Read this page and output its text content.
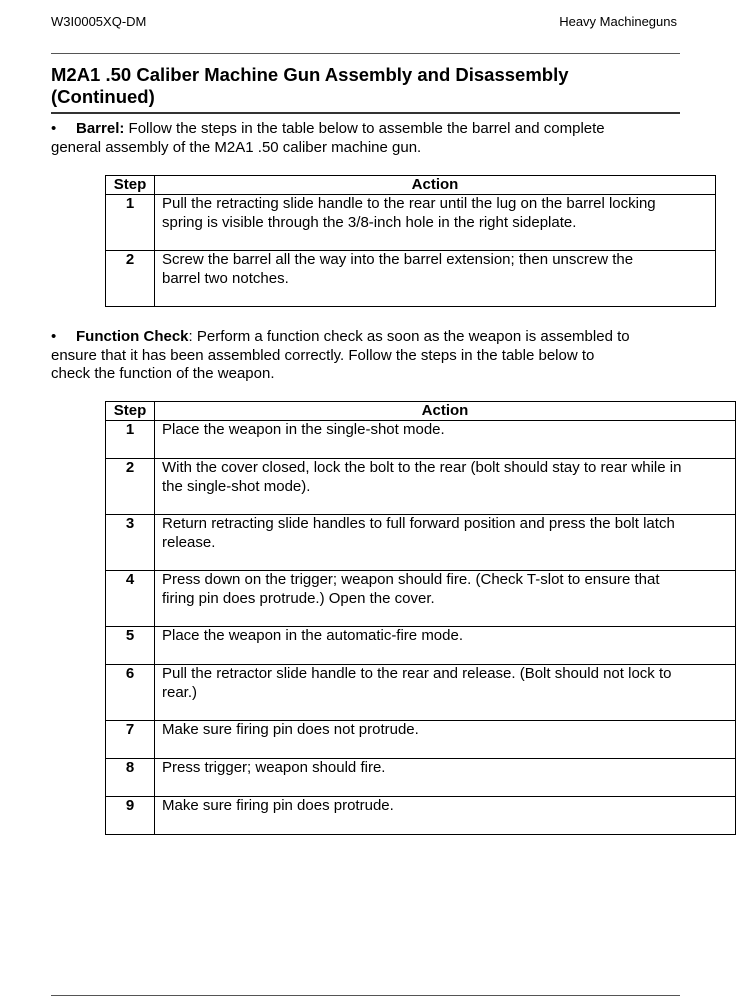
W3I0005XQ-DM	Heavy Machineguns
M2A1 .50 Caliber Machine Gun Assembly and Disassembly
(Continued)
• Barrel: Follow the steps in the table below to assemble the barrel and complete
general assembly of the M2A1 .50 caliber machine gun.
Step	Action
1	Pull the retracting slide handle to the rear until the lug on the barrel locking
spring is visible through the 3/8-inch hole in the right sideplate.

2	Screw the barrel all the way into the barrel extension; then unscrew the
barrel two notches.
• Function Check: Perform a function check as soon as the weapon is assembled to
ensure that it has been assembled correctly. Follow the steps in the table below to
check the function of the weapon.
Step	Action
1	Place the weapon in the single-shot mode.

2	With the cover closed, lock the bolt to the rear (bolt should stay to rear while in
the single-shot mode).

3	Return retracting slide handles to full forward position and press the bolt latch
release.

4	Press down on the trigger; weapon should fire. (Check T-slot to ensure that
firing pin does protrude.) Open the cover.

5	Place the weapon in the automatic-fire mode.

6	Pull the retractor slide handle to the rear and release. (Bolt should not lock to
rear.)

7	Make sure firing pin does not protrude.

8	Press trigger; weapon should fire.

9	Make sure firing pin does protrude.
